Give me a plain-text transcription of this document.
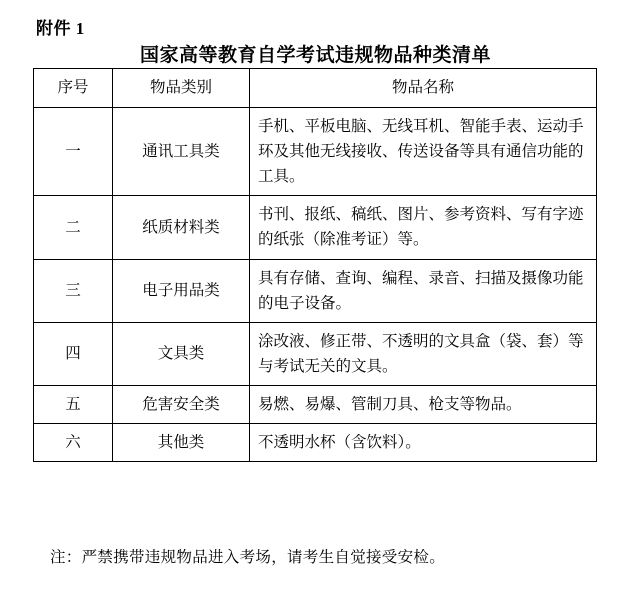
附件 1
国家高等教育自学考试违规物品种类清单
序号	物品类别	物品名称
一	通讯工具类	手机、平板电脑、无线耳机、智能手表、运动手环及其他无线接收、传送设备等具有通信功能的工具。
二	纸质材料类	书刊、报纸、稿纸、图片、参考资料、写有字迹的纸张（除准考证）等。
三	电子用品类	具有存储、查询、编程、录音、扫描及摄像功能的电子设备。
四	文具类	涂改液、修正带、不透明的文具盒（袋、套）等与考试无关的文具。
五	危害安全类	易燃、易爆、管制刀具、枪支等物品。
六	其他类	不透明水杯（含饮料）。
注：严禁携带违规物品进入考场，请考生自觉接受安检。
